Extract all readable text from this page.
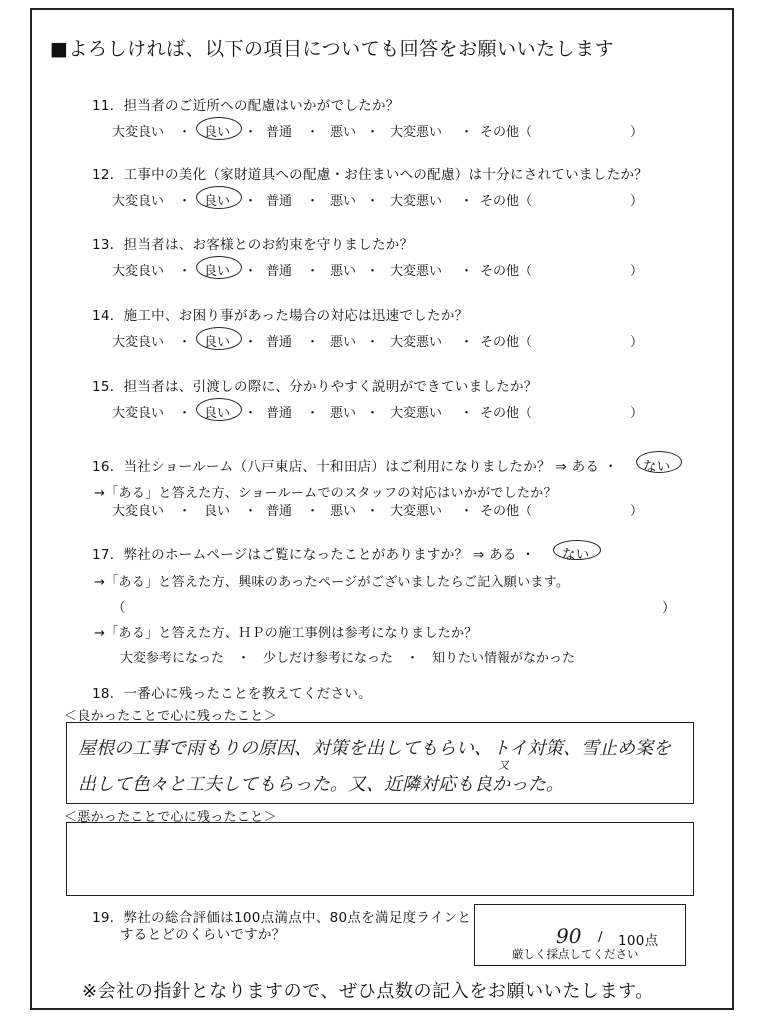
■よろしければ、以下の項目についても回答をお願いいたします
11．担当者のご近所への配慮はいかがでしたか？
大変良い	良い	普通	悪い	大変悪い	その他（
・	・	・	・	・	）
12．工事中の美化（家財道具への配慮・お住まいへの配慮）は十分にされていましたか？
大変良い	良い	普通	悪い	大変悪い	その他（
・	・	・	・	・	）
13．担当者は、お客様とのお約束を守りましたか？
大変良い	良い	普通	悪い	大変悪い	その他（
・	・	・	・	・	）
14．施工中、お困り事があった場合の対応は迅速でしたか？
大変良い	良い	普通	悪い	大変悪い	その他（
・	・	・	・	・	）
15．担当者は、引渡しの際に、分かりやすく説明ができていましたか？
大変良い	良い	普通	悪い	大変悪い	その他（
・	・	・	・	・	）
16．当社ショールーム（八戸東店、十和田店）はご利用になりましたか？ ⇒ ある ・ ない
→「ある」と答えた方、ショールームでのスタッフの対応はいかがでしたか？
大変良い	良い	普通	悪い	大変悪い	その他（
・	・	・	・	・	）
17．弊社のホームページはご覧になったことがありますか？ ⇒ ある ・ ない
→「ある」と答えた方、興味のあったページがございましたらご記入願います。
（	）
→「ある」と答えた方、ＨＰの施工事例は参考になりましたか？
大変参考になった　・　少しだけ参考になった　・　知りたい情報がなかった
18．一番心に残ったことを教えてください。
＜良かったことで心に残ったこと＞
屋根の工事で雨もりの原因、対策を出してもらい、トイ対策、雪止め案を
又
出して色々と工夫してもらった。又、近隣対応も良かった。
＜悪かったことで心に残ったこと＞
19．弊社の総合評価は100点満点中、80点を満足度ラインと
するとどのくらいですか？	90 / 100点
厳しく採点してください
※会社の指針となりますので、ぜひ点数の記入をお願いいたします。
